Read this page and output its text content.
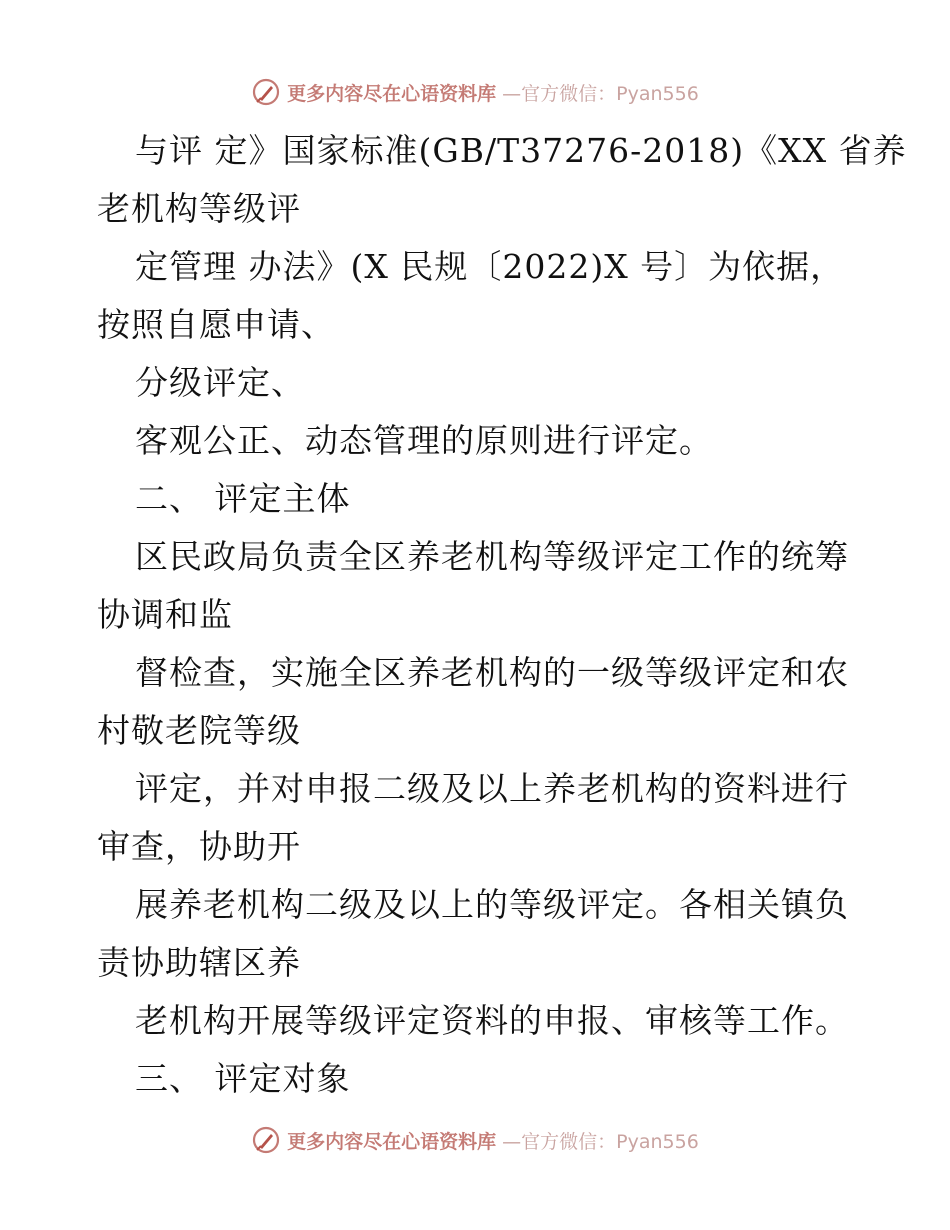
更多内容尽在心语资料库 —官方微信：Pyan556
与评 定》国家标准(GB/T37276-2018)《XX 省养
老机构等级评
定管理 办法》(X 民规〔2022)X 号〕为依据，
按照自愿申请、
分级评定、
客观公正、动态管理的原则进行评定。
二、 评定主体
区民政局负责全区养老机构等级评定工作的统筹
协调和监
督检查，实施全区养老机构的一级等级评定和农
村敬老院等级
评定，并对申报二级及以上养老机构的资料进行
审查，协助开
展养老机构二级及以上的等级评定。各相关镇负
责协助辖区养
老机构开展等级评定资料的申报、审核等工作。
三、 评定对象
更多内容尽在心语资料库 —官方微信：Pyan556
